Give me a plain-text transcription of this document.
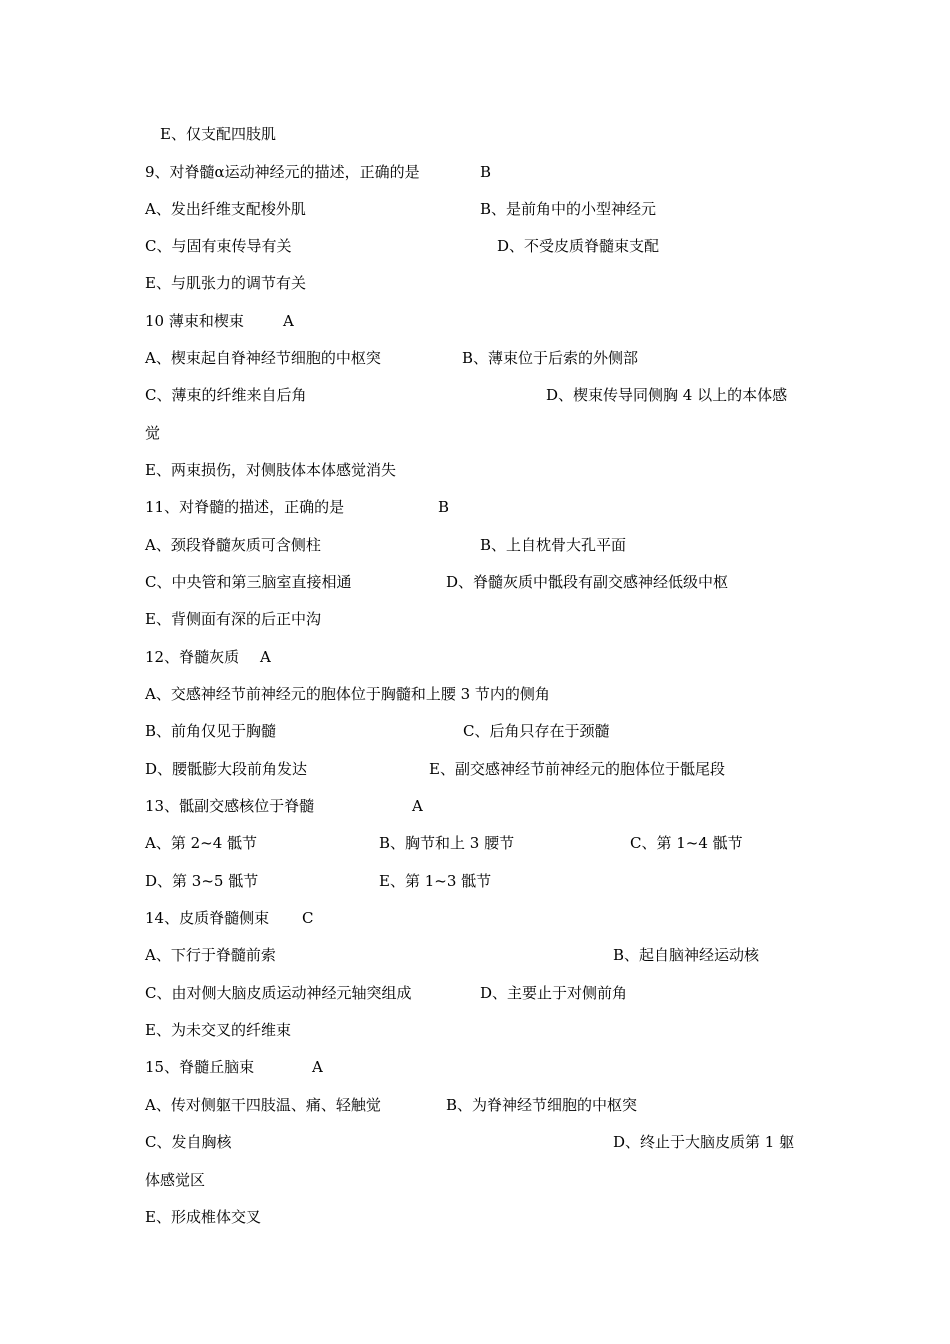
E、仅支配四肢肌
9、对脊髓α运动神经元的描述，正确的是	B
A、发出纤维支配梭外肌	B、是前角中的小型神经元
C、与固有束传导有关	D、不受皮质脊髓束支配
E、与肌张力的调节有关
10 薄束和楔束	A
A、楔束起自脊神经节细胞的中枢突	B、薄束位于后索的外侧部
C、薄束的纤维来自后角	D、楔束传导同侧胸 4 以上的本体感
觉
E、两束损伤，对侧肢体本体感觉消失
11、对脊髓的描述，正确的是	B
A、颈段脊髓灰质可含侧柱	B、上自枕骨大孔平面
C、中央管和第三脑室直接相通	D、脊髓灰质中骶段有副交感神经低级中枢
E、背侧面有深的后正中沟
12、脊髓灰质 A
A、交感神经节前神经元的胞体位于胸髓和上腰 3 节内的侧角
B、前角仅见于胸髓	C、后角只存在于颈髓
D、腰骶膨大段前角发达	E、副交感神经节前神经元的胞体位于骶尾段
13、骶副交感核位于脊髓	A
A、第 2~4 骶节	B、胸节和上 3 腰节	C、第 1~4 骶节
D、第 3~5 骶节	E、第 1~3 骶节
14、皮质脊髓侧束 C
A、下行于脊髓前索	B、起自脑神经运动核
C、由对侧大脑皮质运动神经元轴突组成	D、主要止于对侧前角
E、为未交叉的纤维束
15、脊髓丘脑束	A
A、传对侧躯干四肢温、痛、轻触觉	B、为脊神经节细胞的中枢突
C、发自胸核	D、终止于大脑皮质第 1 躯
体感觉区
E、形成椎体交叉
